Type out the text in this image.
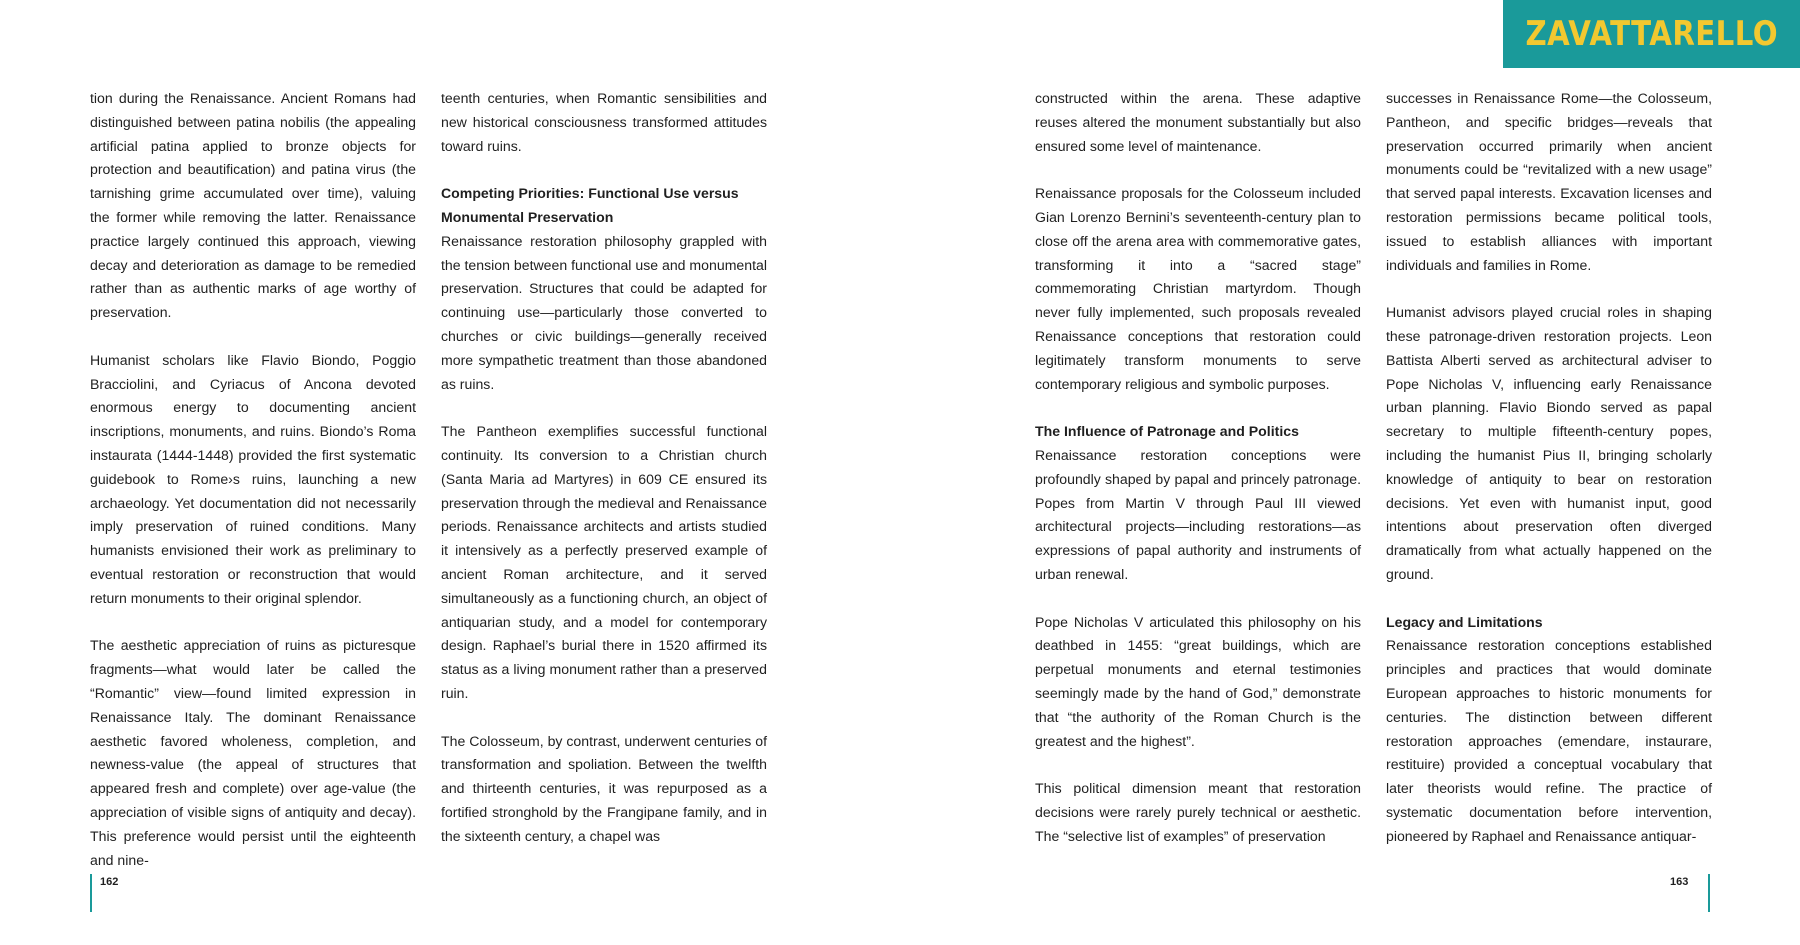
ZAVATTARELLO

tion during the Renaissance. Ancient Romans had distinguished between patina nobilis (the appealing artificial patina applied to bronze objects for protection and beautification) and patina virus (the tarnishing grime accumulated over time), valuing the former while removing the latter. Renaissance practice largely continued this approach, viewing decay and deterioration as damage to be remedied rather than as authentic marks of age worthy of preservation.

Humanist scholars like Flavio Biondo, Poggio Bracciolini, and Cyriacus of Ancona devoted enormous energy to documenting ancient inscriptions, monuments, and ruins. Biondo’s Roma instaurata (1444-1448) provided the first systematic guidebook to Rome›s ruins, launching a new archaeology. Yet documentation did not necessarily imply preservation of ruined conditions. Many humanists envisioned their work as preliminary to eventual restoration or reconstruction that would return monuments to their original splendor.

The aesthetic appreciation of ruins as picturesque fragments—what would later be called the “Romantic” view—found limited expression in Renaissance Italy. The dominant Renaissance aesthetic favored wholeness, completion, and newness-value (the appeal of structures that appeared fresh and complete) over age-value (the appreciation of visible signs of antiquity and decay). This preference would persist until the eighteenth and nine-

teenth centuries, when Romantic sensibilities and new historical consciousness transformed attitudes toward ruins.

Competing Priorities: Functional Use versus Monumental Preservation

Renaissance restoration philosophy grappled with the tension between functional use and monumental preservation. Structures that could be adapted for continuing use—particularly those converted to churches or civic buildings—generally received more sympathetic treatment than those abandoned as ruins.

The Pantheon exemplifies successful functional continuity. Its conversion to a Christian church (Santa Maria ad Martyres) in 609 CE ensured its preservation through the medieval and Renaissance periods. Renaissance architects and artists studied it intensively as a perfectly preserved example of ancient Roman architecture, and it served simultaneously as a functioning church, an object of antiquarian study, and a model for contemporary design. Raphael’s burial there in 1520 affirmed its status as a living monument rather than a preserved ruin.

The Colosseum, by contrast, underwent centuries of transformation and spoliation. Between the twelfth and thirteenth centuries, it was repurposed as a fortified stronghold by the Frangipane family, and in the sixteenth century, a chapel was

162

constructed within the arena. These adaptive reuses altered the monument substantially but also ensured some level of maintenance.

Renaissance proposals for the Colosseum included Gian Lorenzo Bernini’s seventeenth-century plan to close off the arena area with commemorative gates, transforming it into a “sacred stage” commemorating Christian martyrdom. Though never fully implemented, such proposals revealed Renaissance conceptions that restoration could legitimately transform monuments to serve contemporary religious and symbolic purposes.

The Influence of Patronage and Politics

Renaissance restoration conceptions were profoundly shaped by papal and princely patronage. Popes from Martin V through Paul III viewed architectural projects—including restorations—as expressions of papal authority and instruments of urban renewal.

Pope Nicholas V articulated this philosophy on his deathbed in 1455: “great buildings, which are perpetual monuments and eternal testimonies seemingly made by the hand of God,” demonstrate that “the authority of the Roman Church is the greatest and the highest”.

This political dimension meant that restoration decisions were rarely purely technical or aesthetic. The “selective list of examples” of preservation

successes in Renaissance Rome—the Colosseum, Pantheon, and specific bridges—reveals that preservation occurred primarily when ancient monuments could be “revitalized with a new usage” that served papal interests. Excavation licenses and restoration permissions became political tools, issued to establish alliances with important individuals and families in Rome.

Humanist advisors played crucial roles in shaping these patronage-driven restoration projects. Leon Battista Alberti served as architectural adviser to Pope Nicholas V, influencing early Renaissance urban planning. Flavio Biondo served as papal secretary to multiple fifteenth-century popes, including the humanist Pius II, bringing scholarly knowledge of antiquity to bear on restoration decisions. Yet even with humanist input, good intentions about preservation often diverged dramatically from what actually happened on the ground.

Legacy and Limitations

Renaissance restoration conceptions established principles and practices that would dominate European approaches to historic monuments for centuries. The distinction between different restoration approaches (emendare, instaurare, restituire) provided a conceptual vocabulary that later theorists would refine. The practice of systematic documentation before intervention, pioneered by Raphael and Renaissance antiquar-

163
